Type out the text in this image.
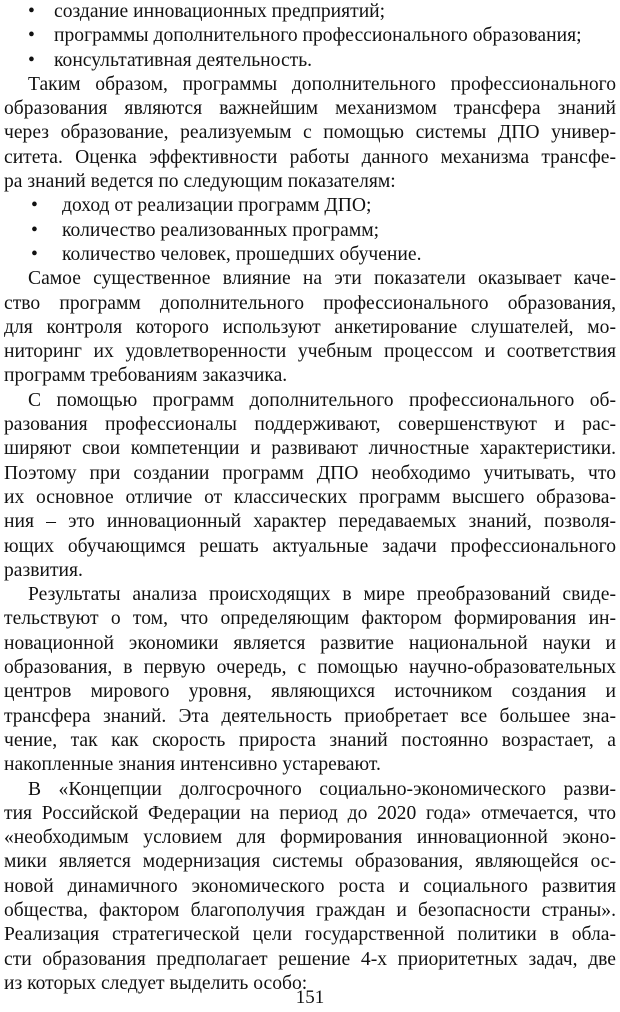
• создание инновационных предприятий;
• программы дополнительного профессионального образования;
• консультативная деятельность.
Таким образом, программы дополнительного профессионального
образования являются важнейшим механизмом трансфера знаний
через образование, реализуемым с помощью системы ДПО универ-
ситета. Оценка эффективности работы данного механизма трансфе-
ра знаний ведется по следующим показателям:
• доход от реализации программ ДПО;
• количество реализованных программ;
• количество человек, прошедших обучение.
Самое существенное влияние на эти показатели оказывает каче-
ство программ дополнительного профессионального образования,
для контроля которого используют анкетирование слушателей, мо-
ниторинг их удовлетворенности учебным процессом и соответствия
программ требованиям заказчика.
С помощью программ дополнительного профессионального об-
разования профессионалы поддерживают, совершенствуют и рас-
ширяют свои компетенции и развивают личностные характеристики.
Поэтому при создании программ ДПО необходимо учитывать, что
их основное отличие от классических программ высшего образова-
ния – это инновационный характер передаваемых знаний, позволя-
ющих обучающимся решать актуальные задачи профессионального
развития.
Результаты анализа происходящих в мире преобразований свиде-
тельствуют о том, что определяющим фактором формирования ин-
новационной экономики является развитие национальной науки и
образования, в первую очередь, с помощью научно-образовательных
центров мирового уровня, являющихся источником создания и
трансфера знаний. Эта деятельность приобретает все большее зна-
чение, так как скорость прироста знаний постоянно возрастает, а
накопленные знания интенсивно устаревают.
В «Концепции долгосрочного социально-экономического разви-
тия Российской Федерации на период до 2020 года» отмечается, что
«необходимым условием для формирования инновационной эконо-
мики является модернизация системы образования, являющейся ос-
новой динамичного экономического роста и социального развития
общества, фактором благополучия граждан и безопасности страны».
Реализация стратегической цели государственной политики в обла-
сти образования предполагает решение 4-х приоритетных задач, две
из которых следует выделить особо:
151
